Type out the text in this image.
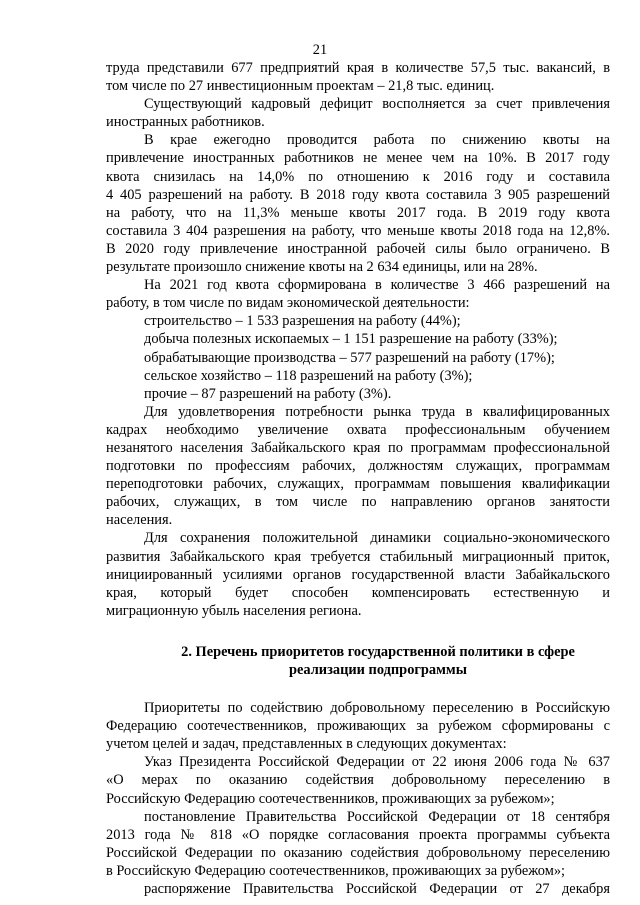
21

труда представили 677 предприятий края в количестве 57,5 тыс. вакансий, в

том числе по 27 инвестиционным проектам – 21,8 тыс. единиц.

Существующий кадровый дефицит восполняется за счет привлечения

иностранных работников.

В крае ежегодно проводится работа по снижению квоты на

привлечение иностранных работников не менее чем на 10%. В 2017 году

квота снизилась на 14,0% по отношению к 2016 году и составила

4 405 разрешений на работу. В 2018 году квота составила 3 905 разрешений

на работу, что на 11,3% меньше квоты 2017 года. В 2019 году квота

составила 3 404 разрешения на работу, что меньше квоты 2018 года на 12,8%.

В 2020 году привлечение иностранной рабочей силы было ограничено. В

результате произошло снижение квоты на 2 634 единицы, или на 28%.

На 2021 год квота сформирована в количестве 3 466 разрешений на

работу, в том числе по видам экономической деятельности:

строительство – 1 533 разрешения на работу (44%);

добыча полезных ископаемых – 1 151 разрешение на работу (33%);

обрабатывающие производства – 577 разрешений на работу (17%);

сельское хозяйство – 118 разрешений на работу (3%);

прочие – 87 разрешений на работу (3%).

Для удовлетворения потребности рынка труда в квалифицированных

кадрах необходимо увеличение охвата профессиональным обучением

незанятого населения Забайкальского края по программам профессиональной

подготовки по профессиям рабочих, должностям служащих, программам

переподготовки рабочих, служащих, программам повышения квалификации

рабочих, служащих, в том числе по направлению органов занятости

населения.

Для сохранения положительной динамики социально-экономического

развития Забайкальского края требуется стабильный миграционный приток,

инициированный усилиями органов государственной власти Забайкальского

края, который будет способен компенсировать естественную и

миграционную убыль населения региона.

2. Перечень приоритетов государственной политики в сфере
реализации подпрограммы

Приоритеты по содействию добровольному переселению в Российскую

Федерацию соотечественников, проживающих за рубежом сформированы с

учетом целей и задач, представленных в следующих документах:

Указ Президента Российской Федерации от 22 июня 2006 года № 637

«О мерах по оказанию содействия добровольному переселению в

Российскую Федерацию соотечественников, проживающих за рубежом»;

постановление Правительства Российской Федерации от 18 сентября

2013 года № 818 «О порядке согласования проекта программы субъекта

Российской Федерации по оказанию содействия добровольному переселению

в Российскую Федерацию соотечественников, проживающих за рубежом»;

распоряжение Правительства Российской Федерации от 27 декабря
